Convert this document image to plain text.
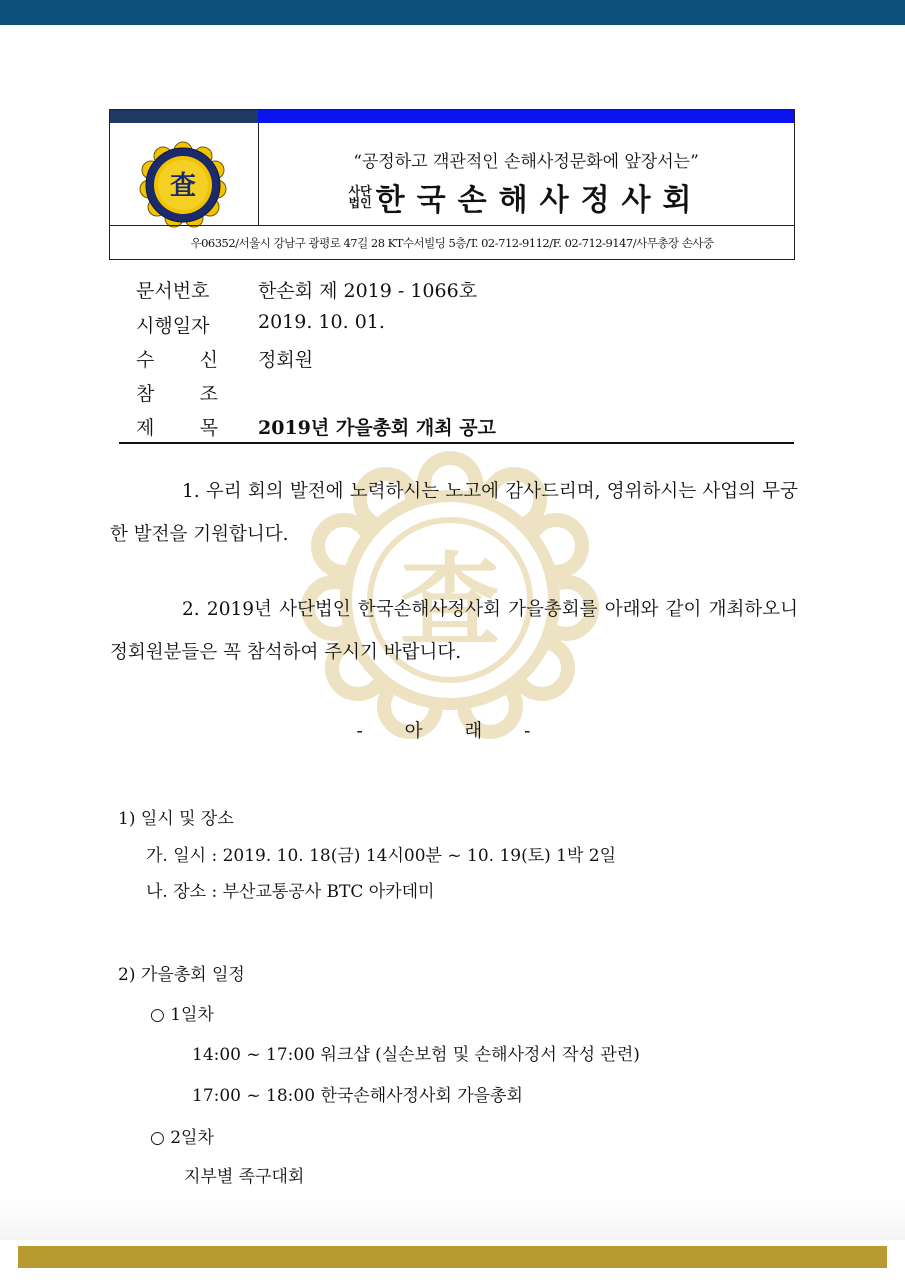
査
“공정하고 객관적인 손해사정문화에 앞장서는”
사단
법인 한국손해사정사회
우06352/서울시 강남구 광평로 47길 28 KT수서빌딩 5층/T. 02-712-9112/F. 02-712-9147/사무총장 손사중
문서번호	한손회 제 2019 - 1066호
시행일자	2019. 10. 01.
수 신 정회원
참 조
제 목 2019년 가을총회 개최 공고
査
1. 우리 회의 발전에 노력하시는 노고에 감사드리며, 영위하시는 사업의 무궁한 발전을 기원합니다.
2. 2019년 사단법인 한국손해사정사회 가을총회를 아래와 같이 개최하오니 정회원분들은 꼭 참석하여 주시기 바랍니다.
- 아 래 -
1) 일시 및 장소
가. 일시 : 2019. 10. 18(금) 14시00분 ~ 10. 19(토) 1박 2일
나. 장소 : 부산교통공사 BTC 아카데미
2) 가을총회 일정
○ 1일차
14:00 ~ 17:00 워크샵 (실손보험 및 손해사정서 작성 관련)
17:00 ~ 18:00 한국손해사정사회 가을총회
○ 2일차
지부별 족구대회
